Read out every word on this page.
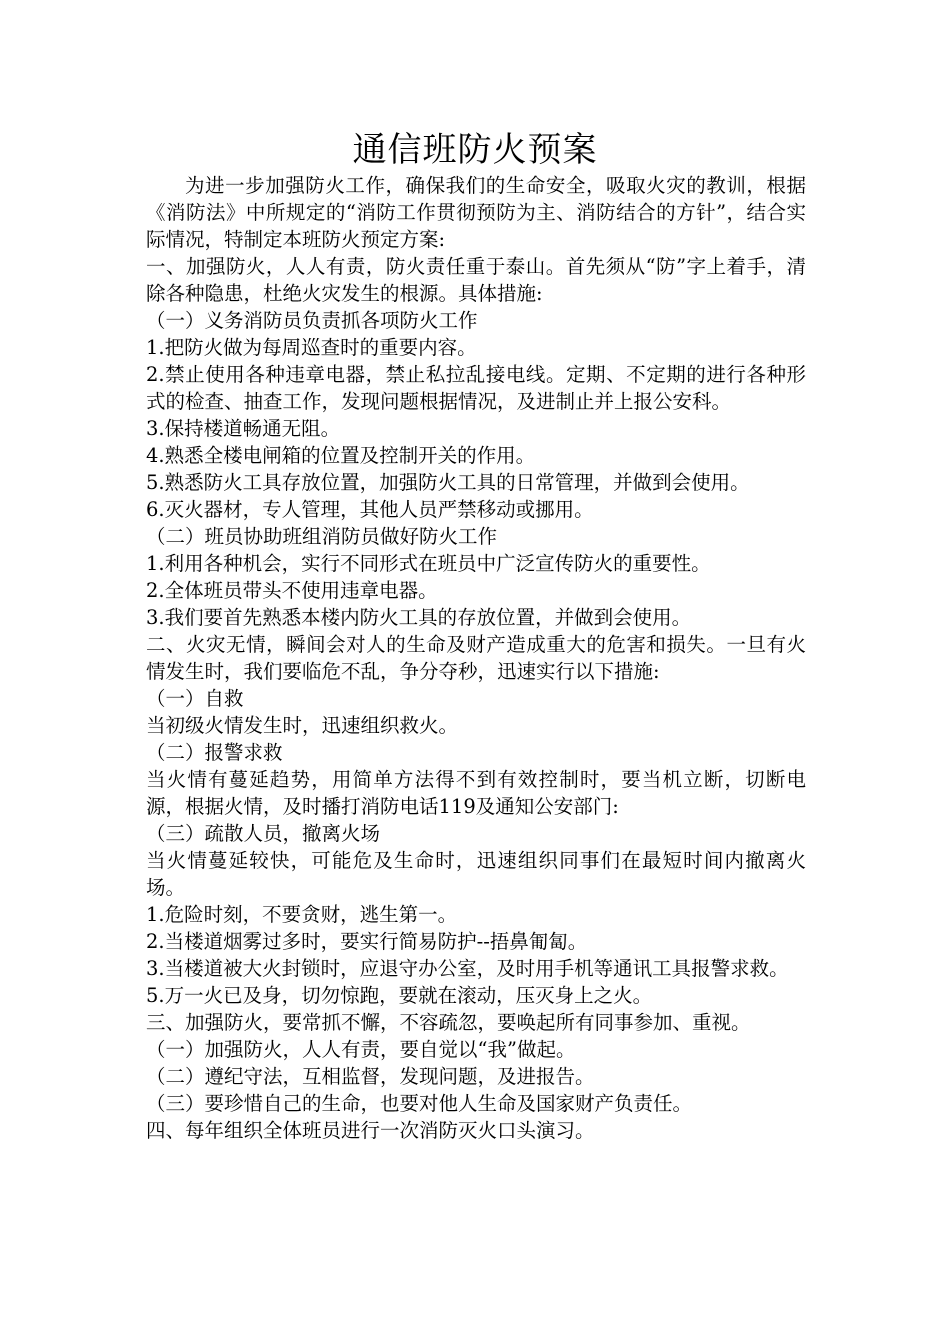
通信班防火预案

为进一步加强防火工作，确保我们的生命安全，吸取火灾的教训，根据《消防法》中所规定的“消防工作贯彻预防为主、消防结合的方针”，结合实际情况，特制定本班防火预定方案:

一、加强防火，人人有责，防火责任重于泰山。首先须从“防”字上着手，清除各种隐患，杜绝火灾发生的根源。具体措施:

（一）义务消防员负责抓各项防火工作

1.把防火做为每周巡查时的重要内容。

2.禁止使用各种违章电器，禁止私拉乱接电线。定期、不定期的进行各种形式的检查、抽查工作，发现问题根据情况，及进制止并上报公安科。

3.保持楼道畅通无阻。

4.熟悉全楼电闸箱的位置及控制开关的作用。

5.熟悉防火工具存放位置，加强防火工具的日常管理，并做到会使用。

6.灭火器材，专人管理，其他人员严禁移动或挪用。

（二）班员协助班组消防员做好防火工作

1.利用各种机会，实行不同形式在班员中广泛宣传防火的重要性。

2.全体班员带头不使用违章电器。

3.我们要首先熟悉本楼内防火工具的存放位置，并做到会使用。

二、火灾无情，瞬间会对人的生命及财产造成重大的危害和损失。一旦有火情发生时，我们要临危不乱，争分夺秒，迅速实行以下措施:

（一）自救

当初级火情发生时，迅速组织救火。

（二）报警求救

当火情有蔓延趋势，用简单方法得不到有效控制时，要当机立断，切断电源，根据火情，及时播打消防电话119及通知公安部门:

（三）疏散人员，撤离火场

当火情蔓延较快，可能危及生命时，迅速组织同事们在最短时间内撤离火场。

1.危险时刻，不要贪财，逃生第一。

2.当楼道烟雾过多时，要实行简易防护--捂鼻匍匐。

3.当楼道被大火封锁时，应退守办公室，及时用手机等通讯工具报警求救。

5.万一火已及身，切勿惊跑，要就在滚动，压灭身上之火。

三、加强防火，要常抓不懈，不容疏忽，要唤起所有同事参加、重视。

（一）加强防火，人人有责，要自觉以“我”做起。

（二）遵纪守法，互相监督，发现问题，及进报告。

（三）要珍惜自己的生命，也要对他人生命及国家财产负责任。

四、每年组织全体班员进行一次消防灭火口头演习。
